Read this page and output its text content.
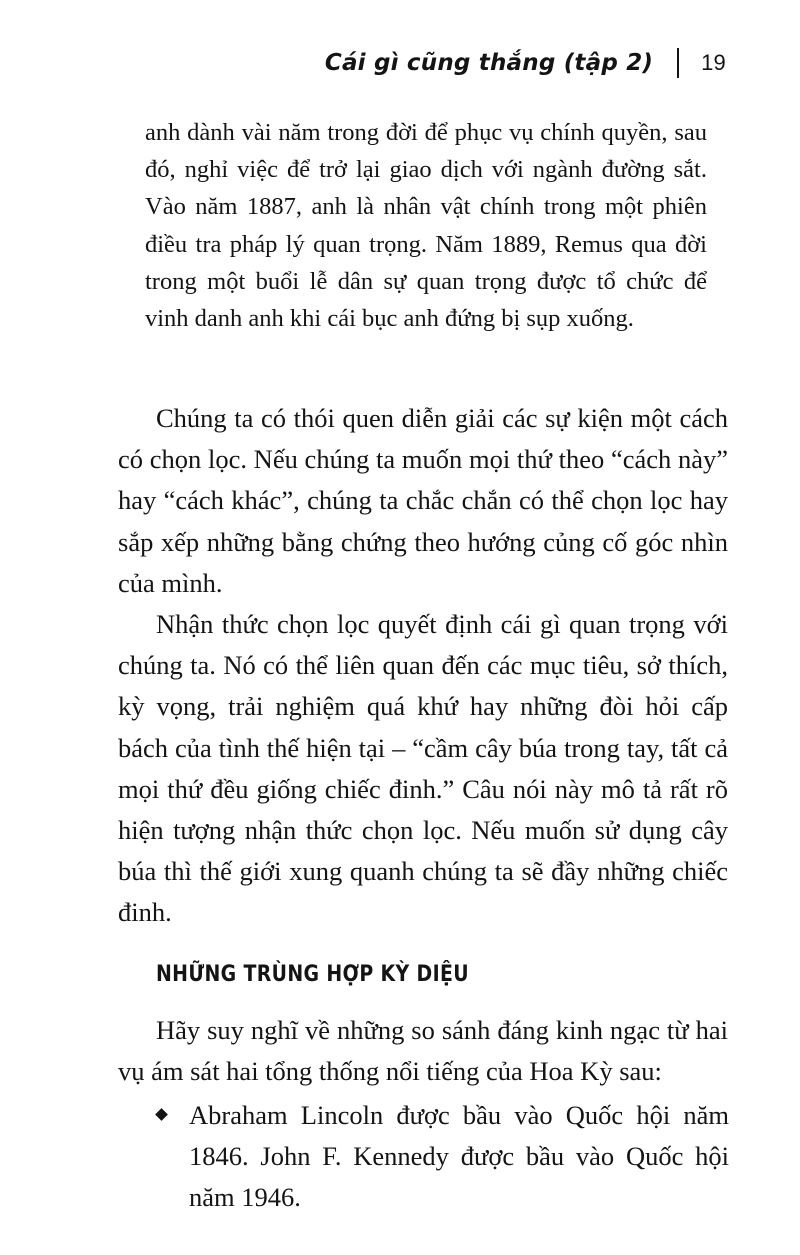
Cái gì cũng thắng (tập 2) 19
anh dành vài năm trong đời để phục vụ chính quyền, sau đó, nghỉ việc để trở lại giao dịch với ngành đường sắt. Vào năm 1887, anh là nhân vật chính trong một phiên điều tra pháp lý quan trọng. Năm 1889, Remus qua đời trong một buổi lễ dân sự quan trọng được tổ chức để vinh danh anh khi cái bục anh đứng bị sụp xuống.

Chúng ta có thói quen diễn giải các sự kiện một cách có chọn lọc. Nếu chúng ta muốn mọi thứ theo “cách này” hay “cách khác”, chúng ta chắc chắn có thể chọn lọc hay sắp xếp những bằng chứng theo hướng củng cố góc nhìn của mình.

Nhận thức chọn lọc quyết định cái gì quan trọng với chúng ta. Nó có thể liên quan đến các mục tiêu, sở thích, kỳ vọng, trải nghiệm quá khứ hay những đòi hỏi cấp bách của tình thế hiện tại – “cầm cây búa trong tay, tất cả mọi thứ đều giống chiếc đinh.” Câu nói này mô tả rất rõ hiện tượng nhận thức chọn lọc. Nếu muốn sử dụng cây búa thì thế giới xung quanh chúng ta sẽ đầy những chiếc đinh.

NHỮNG TRÙNG HỢP KỲ DIỆU

Hãy suy nghĩ về những so sánh đáng kinh ngạc từ hai vụ ám sát hai tổng thống nổi tiếng của Hoa Kỳ sau:

Abraham Lincoln được bầu vào Quốc hội năm 1846. John F. Kennedy được bầu vào Quốc hội năm 1946.
